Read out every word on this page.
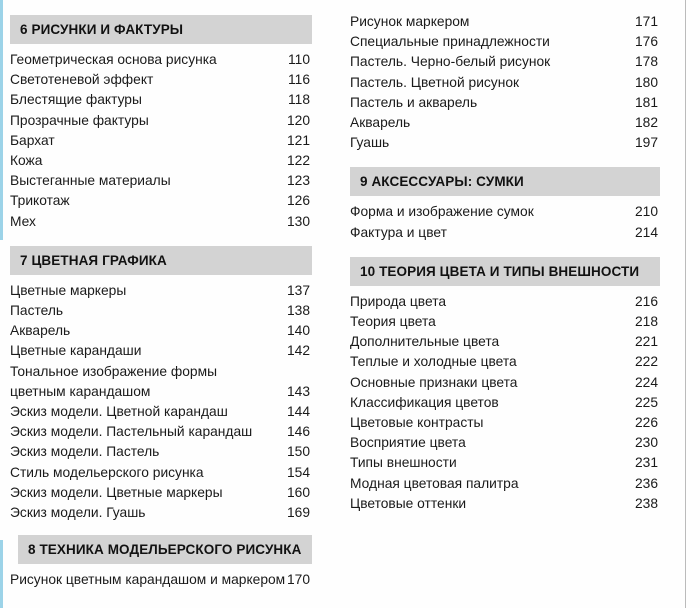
6 РИСУНКИ И ФАКТУРЫ
Геометрическая основа рисунка	110
Светотеневой эффект	116
Блестящие фактуры	118
Прозрачные фактуры	120
Бархат	121
Кожа	122
Выстеганные материалы	123
Трикотаж	126
Мех	130
7 ЦВЕТНАЯ ГРАФИКА
Цветные маркеры	137
Пастель	138
Акварель	140
Цветные карандаши	142
Тональное изображение формы цветным карандашом	143
Эскиз модели. Цветной карандаш	144
Эскиз модели. Пастельный карандаш	146
Эскиз модели. Пастель	150
Стиль модельерского рисунка	154
Эскиз модели. Цветные маркеры	160
Эскиз модели. Гуашь	169
8 ТЕХНИКА МОДЕЛЬЕРСКОГО РИСУНКА
Рисунок цветным карандашом и маркером 170
Рисунок маркером	171
Специальные принадлежности	176
Пастель. Черно-белый рисунок	178
Пастель. Цветной рисунок	180
Пастель и акварель	181
Акварель	182
Гуашь	197
9 АКСЕССУАРЫ: СУМКИ
Форма и изображение сумок	210
Фактура и цвет	214
10 ТЕОРИЯ ЦВЕТА И ТИПЫ ВНЕШНОСТИ
Природа цвета	216
Теория цвета	218
Дополнительные цвета	221
Теплые и холодные цвета	222
Основные признаки цвета	224
Классификация цветов	225
Цветовые контрасты	226
Восприятие цвета	230
Типы внешности	231
Модная цветовая палитра	236
Цветовые оттенки	238
